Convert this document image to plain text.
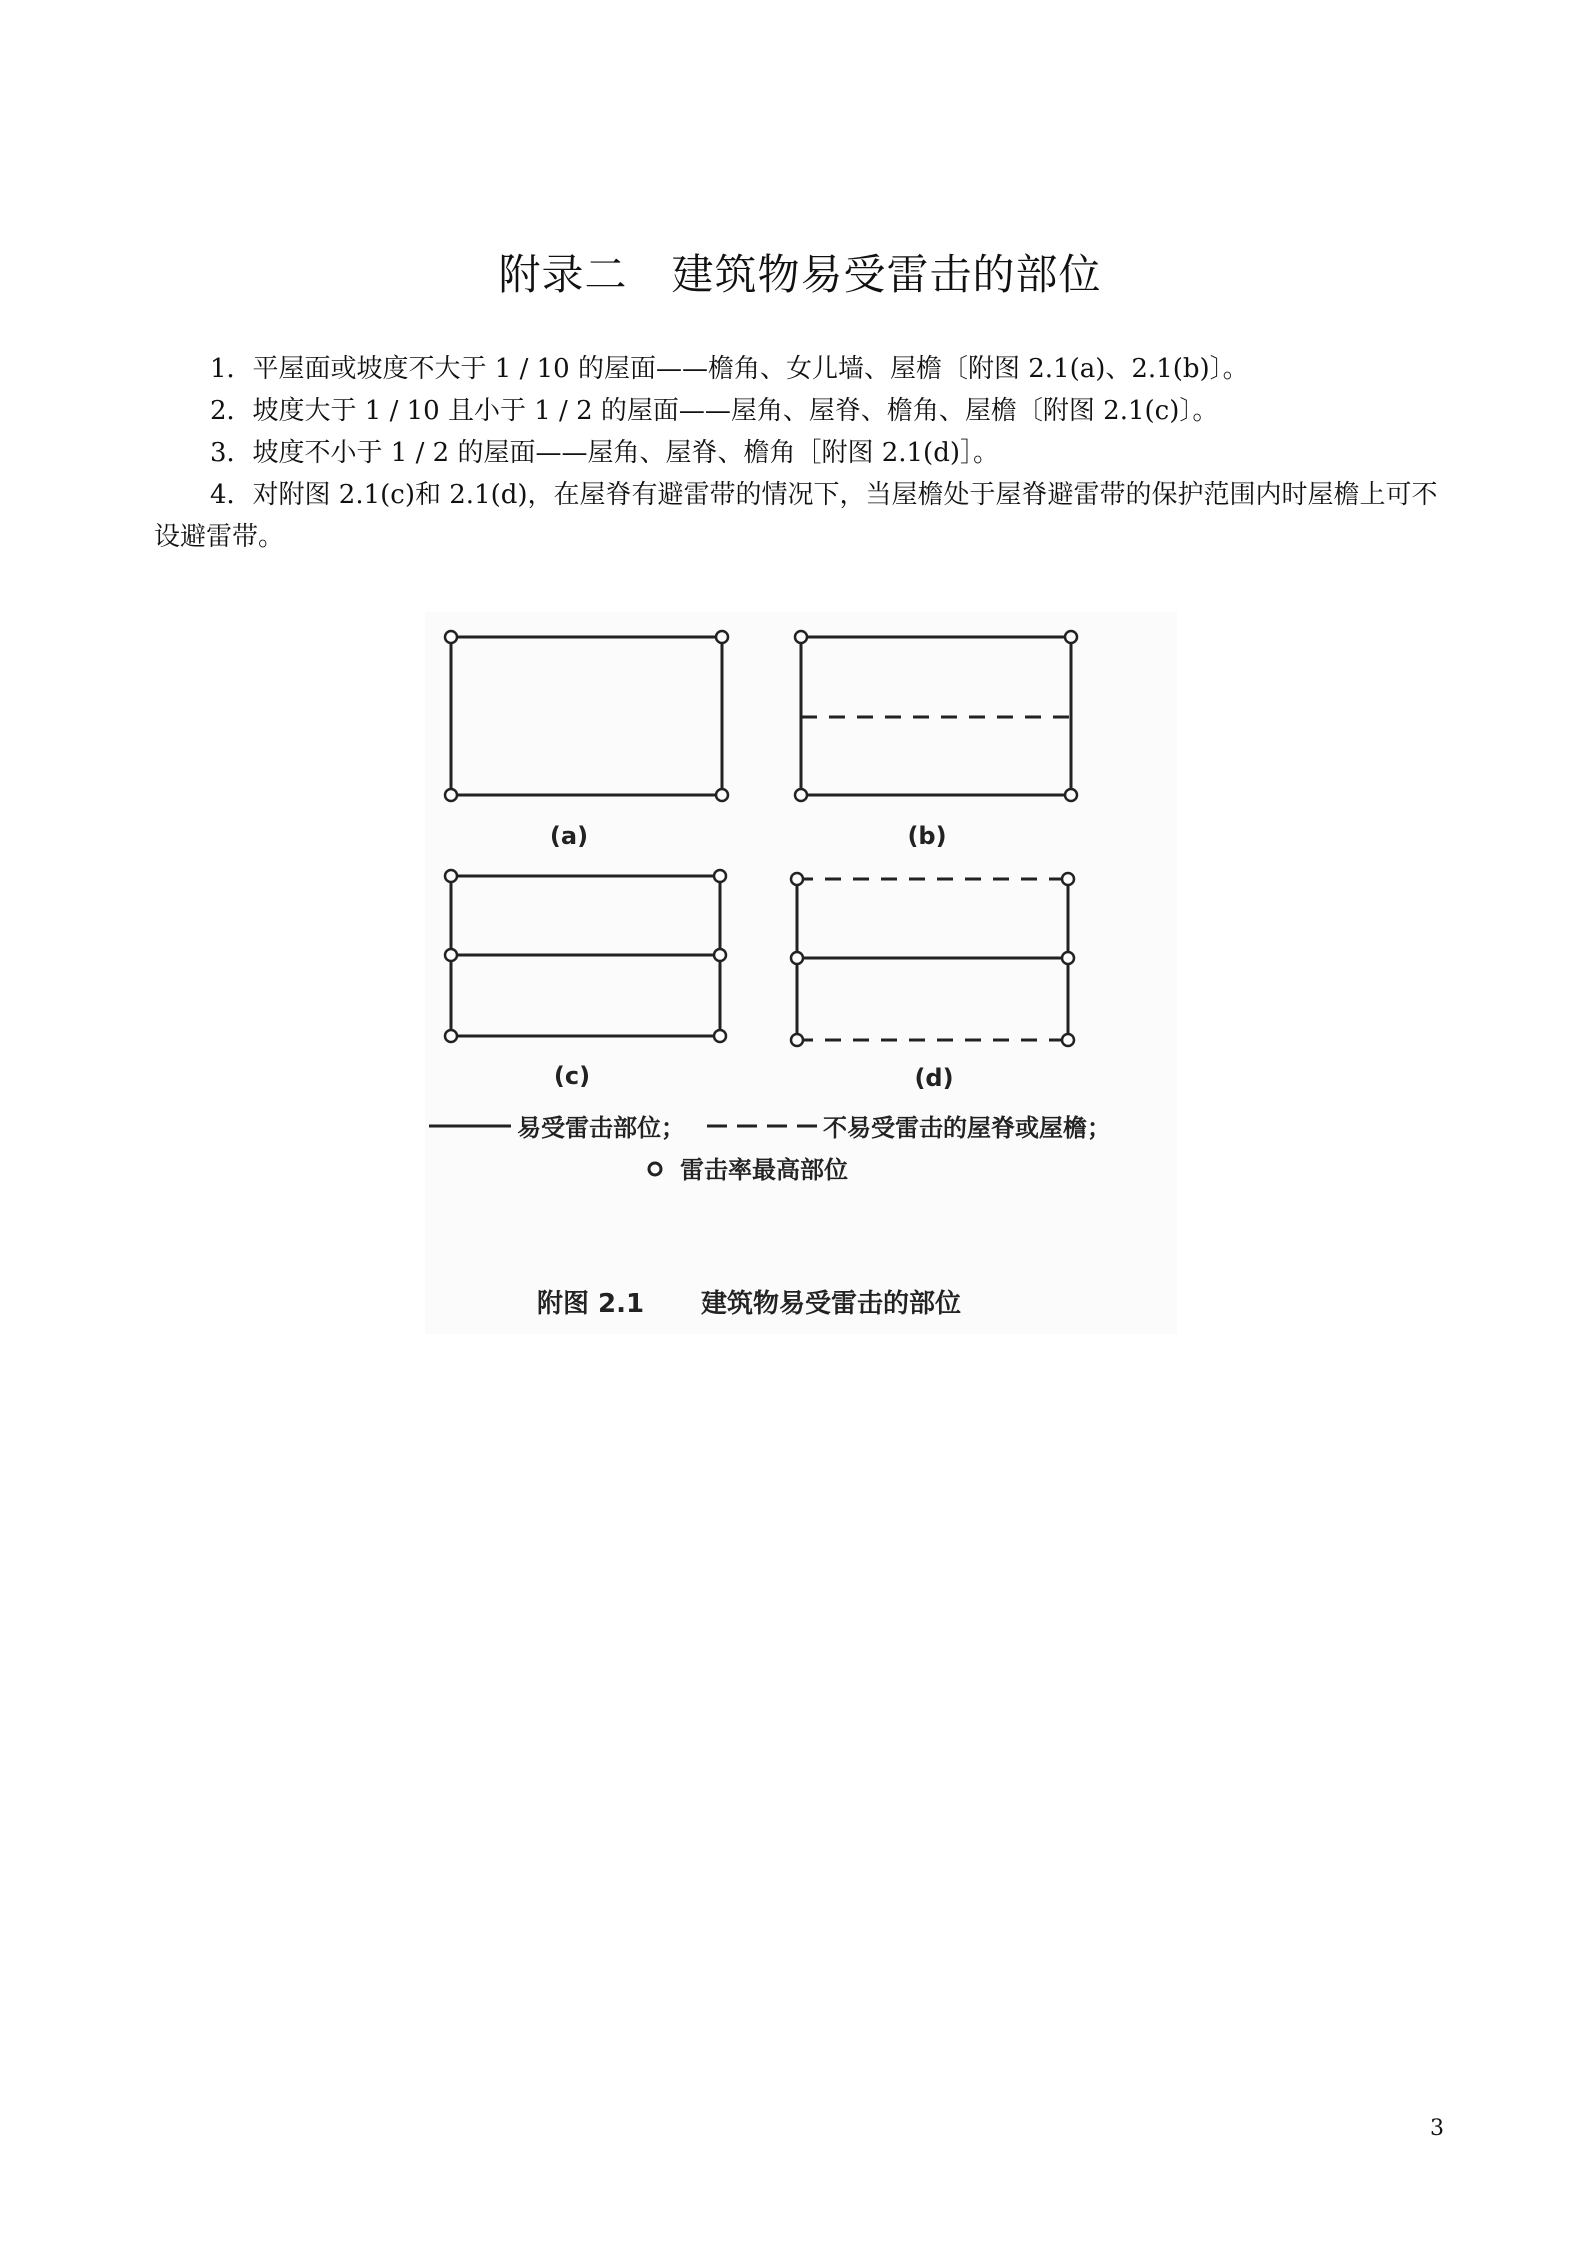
附录二 建筑物易受雷击的部位

1．平屋面或坡度不大于 1 / 10 的屋面——檐角、女儿墙、屋檐〔附图 2.1(a)、2.1(b)〕。

2．坡度大于 1 / 10 且小于 1 / 2 的屋面——屋角、屋脊、檐角、屋檐〔附图 2.1(c)〕。

3．坡度不小于 1 / 2 的屋面——屋角、屋脊、檐角［附图 2.1(d)］。

4．对附图 2.1(c)和 2.1(d)，在屋脊有避雷带的情况下，当屋檐处于屋脊避雷带的保护范围内时屋檐上可不设避雷带。

(a)	(b)
(c)	(d)
易受雷击部位；	不易受雷击的屋脊或屋檐；
雷击率最高部位
附图 2.1 建筑物易受雷击的部位
3
